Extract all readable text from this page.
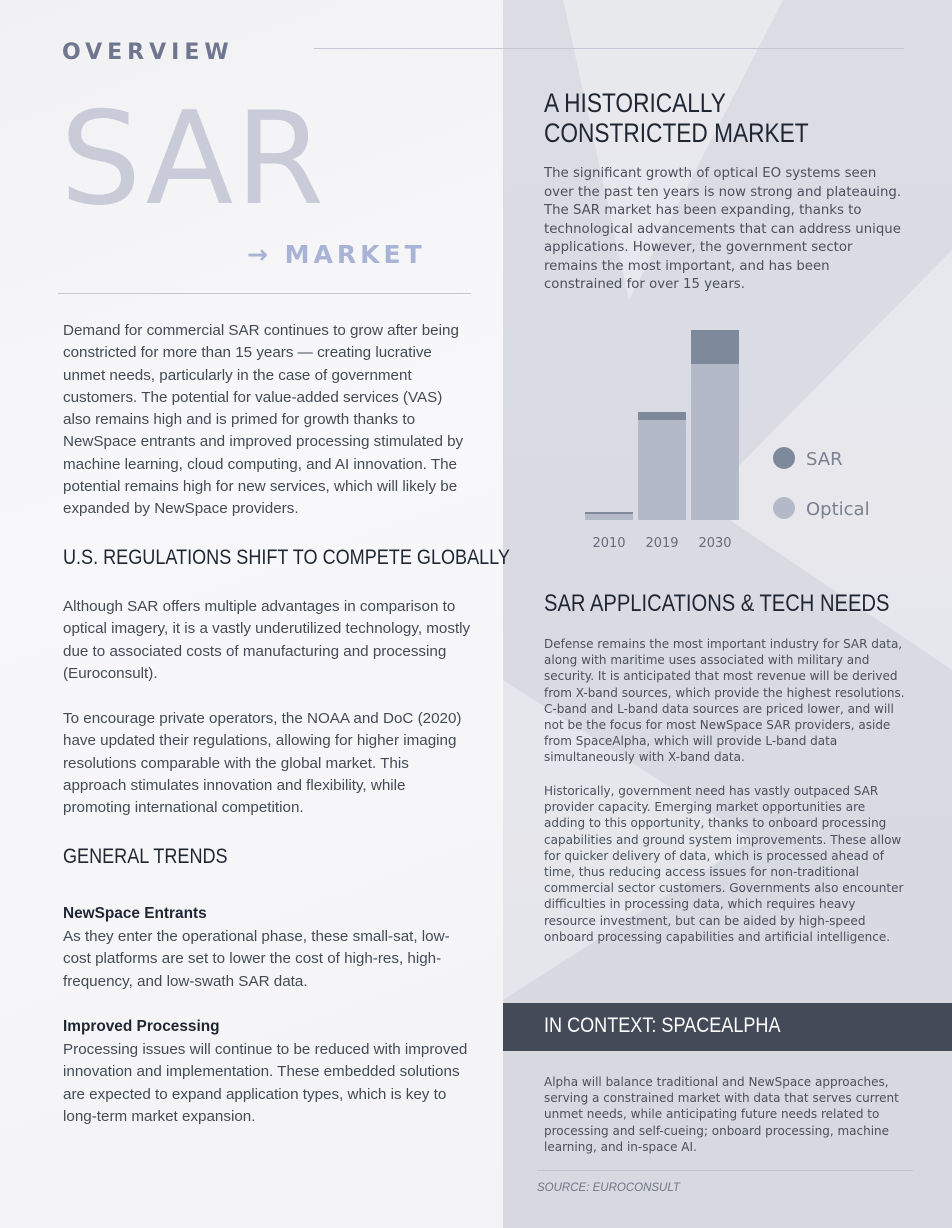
OVERVIEW
SAR
→ MARKET
Demand for commercial SAR continues to grow after being constricted for more than 15 years — creating lucrative unmet needs, particularly in the case of government customers. The potential for value-added services (VAS) also remains high and is primed for growth thanks to NewSpace entrants and improved processing stimulated by machine learning, cloud computing, and AI innovation. The potential remains high for new services, which will likely be expanded by NewSpace providers.
U.S. REGULATIONS SHIFT TO COMPETE GLOBALLY
Although SAR offers multiple advantages in comparison to optical imagery, it is a vastly underutilized technology, mostly due to associated costs of manufacturing and processing (Euroconsult).
To encourage private operators, the NOAA and DoC (2020) have updated their regulations, allowing for higher imaging resolutions comparable with the global market. This approach stimulates innovation and flexibility, while promoting international competition.
GENERAL TRENDS
NewSpace Entrants
As they enter the operational phase, these small-sat, low-cost platforms are set to lower the cost of high-res, high-frequency, and low-swath SAR data.
Improved Processing
Processing issues will continue to be reduced with improved innovation and implementation. These embedded solutions are expected to expand application types, which is key to long-term market expansion.
A HISTORICALLY
CONSTRICTED MARKET
The significant growth of optical EO systems seen over the past ten years is now strong and plateauing. The SAR market has been expanding, thanks to technological advancements that can address unique applications. However, the government sector remains the most important, and has been constrained for over 15 years.
2010 2019 2030
SAR
Optical
SAR APPLICATIONS & TECH NEEDS
Defense remains the most important industry for SAR data, along with maritime uses associated with military and security. It is anticipated that most revenue will be derived from X-band sources, which provide the highest resolutions. C-band and L-band data sources are priced lower, and will not be the focus for most NewSpace SAR providers, aside from SpaceAlpha, which will provide L-band data simultaneously with X-band data.
Historically, government need has vastly outpaced SAR provider capacity. Emerging market opportunities are adding to this opportunity, thanks to onboard processing capabilities and ground system improvements. These allow for quicker delivery of data, which is processed ahead of time, thus reducing access issues for non-traditional commercial sector customers. Governments also encounter difficulties in processing data, which requires heavy resource investment, but can be aided by high-speed onboard processing capabilities and artificial intelligence.
IN CONTEXT: SPACEALPHA
Alpha will balance traditional and NewSpace approaches, serving a constrained market with data that serves current unmet needs, while anticipating future needs related to processing and self-cueing; onboard processing, machine learning, and in-space AI.
SOURCE: EUROCONSULT
